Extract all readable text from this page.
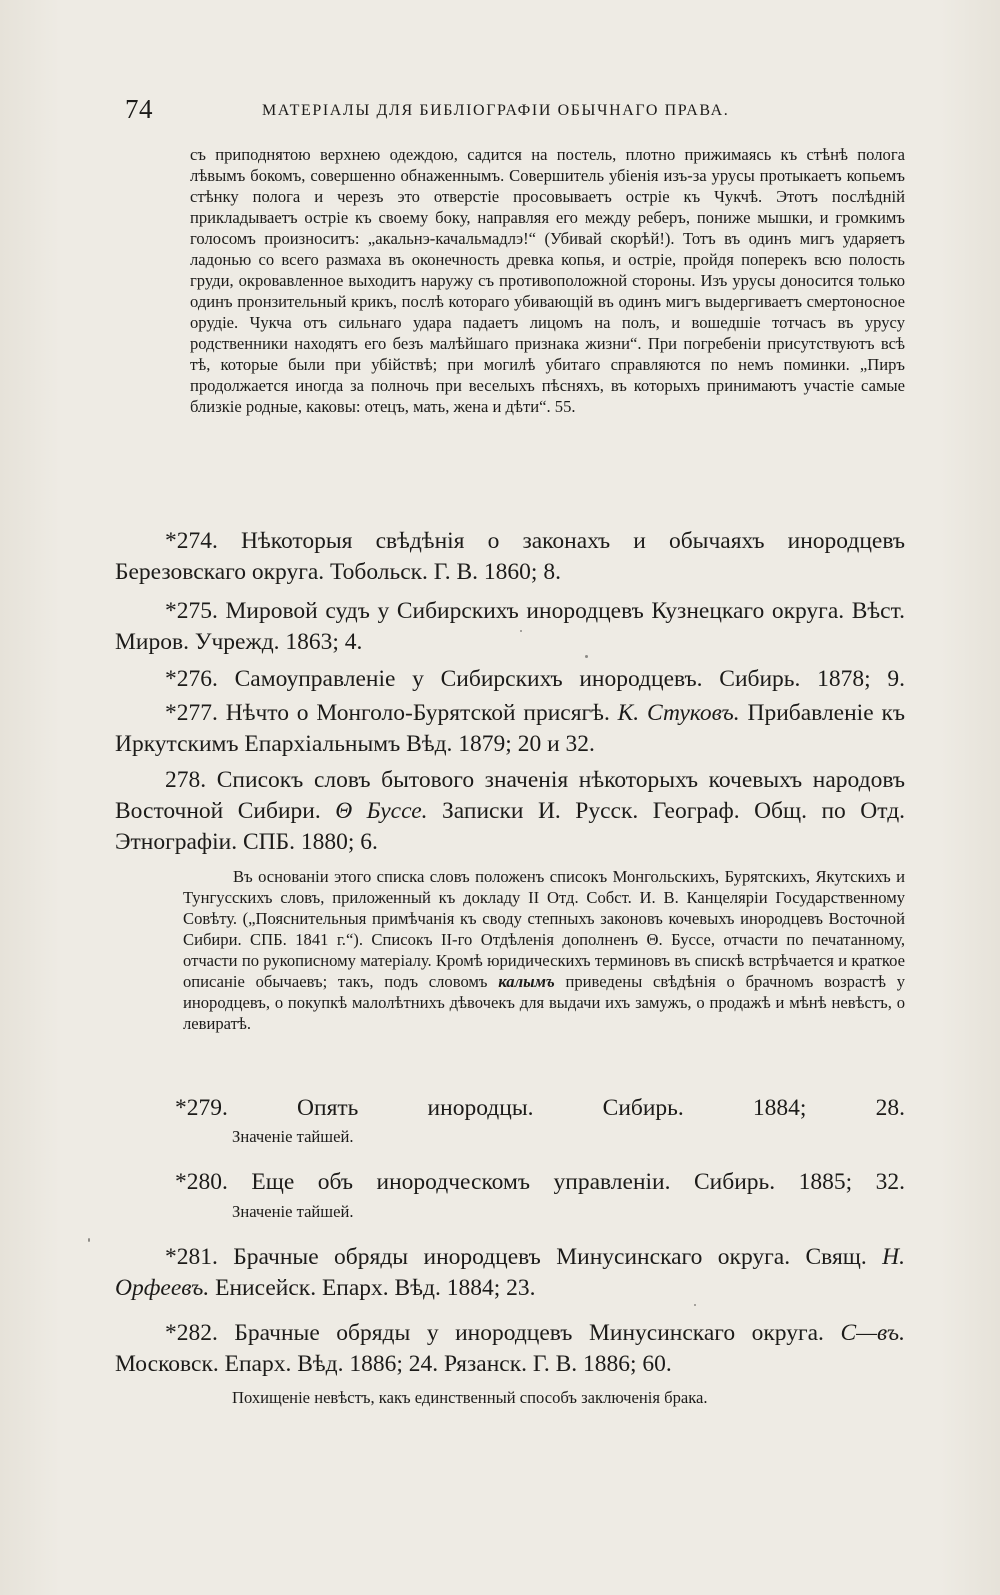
74	МАТЕРІАЛЫ ДЛЯ БИБЛІОГРАФІИ ОБЫЧНАГО ПРАВА.

съ приподнятою верхнею одеждою, садится на постель, плотно прижимаясь къ стѣнѣ полога лѣвымъ бокомъ, совершенно обнаженнымъ. Совершитель убіенія изъ-за урусы протыкаетъ копьемъ стѣнку полога и черезъ это отверстіе просовываетъ остріе къ Чукчѣ. Этотъ послѣдній прикладываетъ остріе къ своему боку, направляя его между реберъ, пониже мышки, и громкимъ голосомъ произноситъ: „акальнэ-качальмадлэ!“ (Убивай скорѣй!). Тотъ въ одинъ мигъ ударяетъ ладонью со всего размаха въ оконечность древка копья, и остріе, пройдя поперекъ всю полость груди, окровавленное выходитъ наружу съ противоположной стороны. Изъ урусы доносится только одинъ пронзительный крикъ, послѣ котораго убивающій въ одинъ мигъ выдергиваетъ смертоносное орудіе. Чукча отъ сильнаго удара падаетъ лицомъ на полъ, и вошедшіе тотчасъ въ урусу родственники находятъ его безъ малѣйшаго признака жизни“. При погребеніи присутствуютъ всѣ тѣ, которые были при убійствѣ; при могилѣ убитаго справляются по немъ поминки. „Пиръ продолжается иногда за полночь при веселыхъ пѣсняхъ, въ которыхъ принимаютъ участіе самые близкіе родные, каковы: отецъ, мать, жена и дѣти“. 55.

*274. Нѣкоторыя свѣдѣнія о законахъ и обычаяхъ инородцевъ Березовскаго округа. Тобольск. Г. В. 1860; 8.

*275. Мировой судъ у Сибирскихъ инородцевъ Кузнецкаго округа. Вѣст. Миров. Учрежд. 1863; 4.

*276. Самоуправленіе у Сибирскихъ инородцевъ. Сибирь. 1878; 9.

*277. Нѣчто о Монголо-Бурятской присягѣ. К. Стуковъ. Прибавленіе къ Иркутскимъ Епархіальнымъ Вѣд. 1879; 20 и 32.

278. Списокъ словъ бытового значенія нѣкоторыхъ кочевыхъ народовъ Восточной Сибири. Θ Буссе. Записки И. Русск. Географ. Общ. по Отд. Этнографіи. СПБ. 1880; 6.

Въ основаніи этого списка словъ положенъ списокъ Монгольскихъ, Бурятскихъ, Якутскихъ и Тунгусскихъ словъ, приложенный къ докладу II Отд. Собст. И. В. Канцеляріи Государственному Совѣту. („Пояснительныя примѣчанія къ своду степныхъ законовъ кочевыхъ инородцевъ Восточной Сибири. СПБ. 1841 г.“). Списокъ II-го Отдѣленія дополненъ Θ. Буссе, отчасти по печатанному, отчасти по рукописному матеріалу. Кромѣ юридическихъ терминовъ въ спискѣ встрѣчается и краткое описаніе обычаевъ; такъ, подъ словомъ калымъ приведены свѣдѣнія о брачномъ возрастѣ у инородцевъ, о покупкѣ малолѣтнихъ дѣвочекъ для выдачи ихъ замужъ, о продажѣ и мѣнѣ невѣстъ, о левиратѣ.

*279.	Опять инородцы. Сибирь. 1884; 28.

Значеніе тайшей.

*280. Еще объ инородческомъ управленіи. Сибирь. 1885; 32.

Значеніе тайшей.

*281. Брачные обряды инородцевъ Минусинскаго округа. Свящ. Н. Орфеевъ. Енисейск. Епарх. Вѣд. 1884; 23.

*282. Брачные обряды у инородцевъ Минусинскаго округа. С—въ. Московск. Епарх. Вѣд. 1886; 24. Рязанск. Г. В. 1886; 60.

Похищеніе невѣстъ, какъ единственный способъ заключенія брака.
